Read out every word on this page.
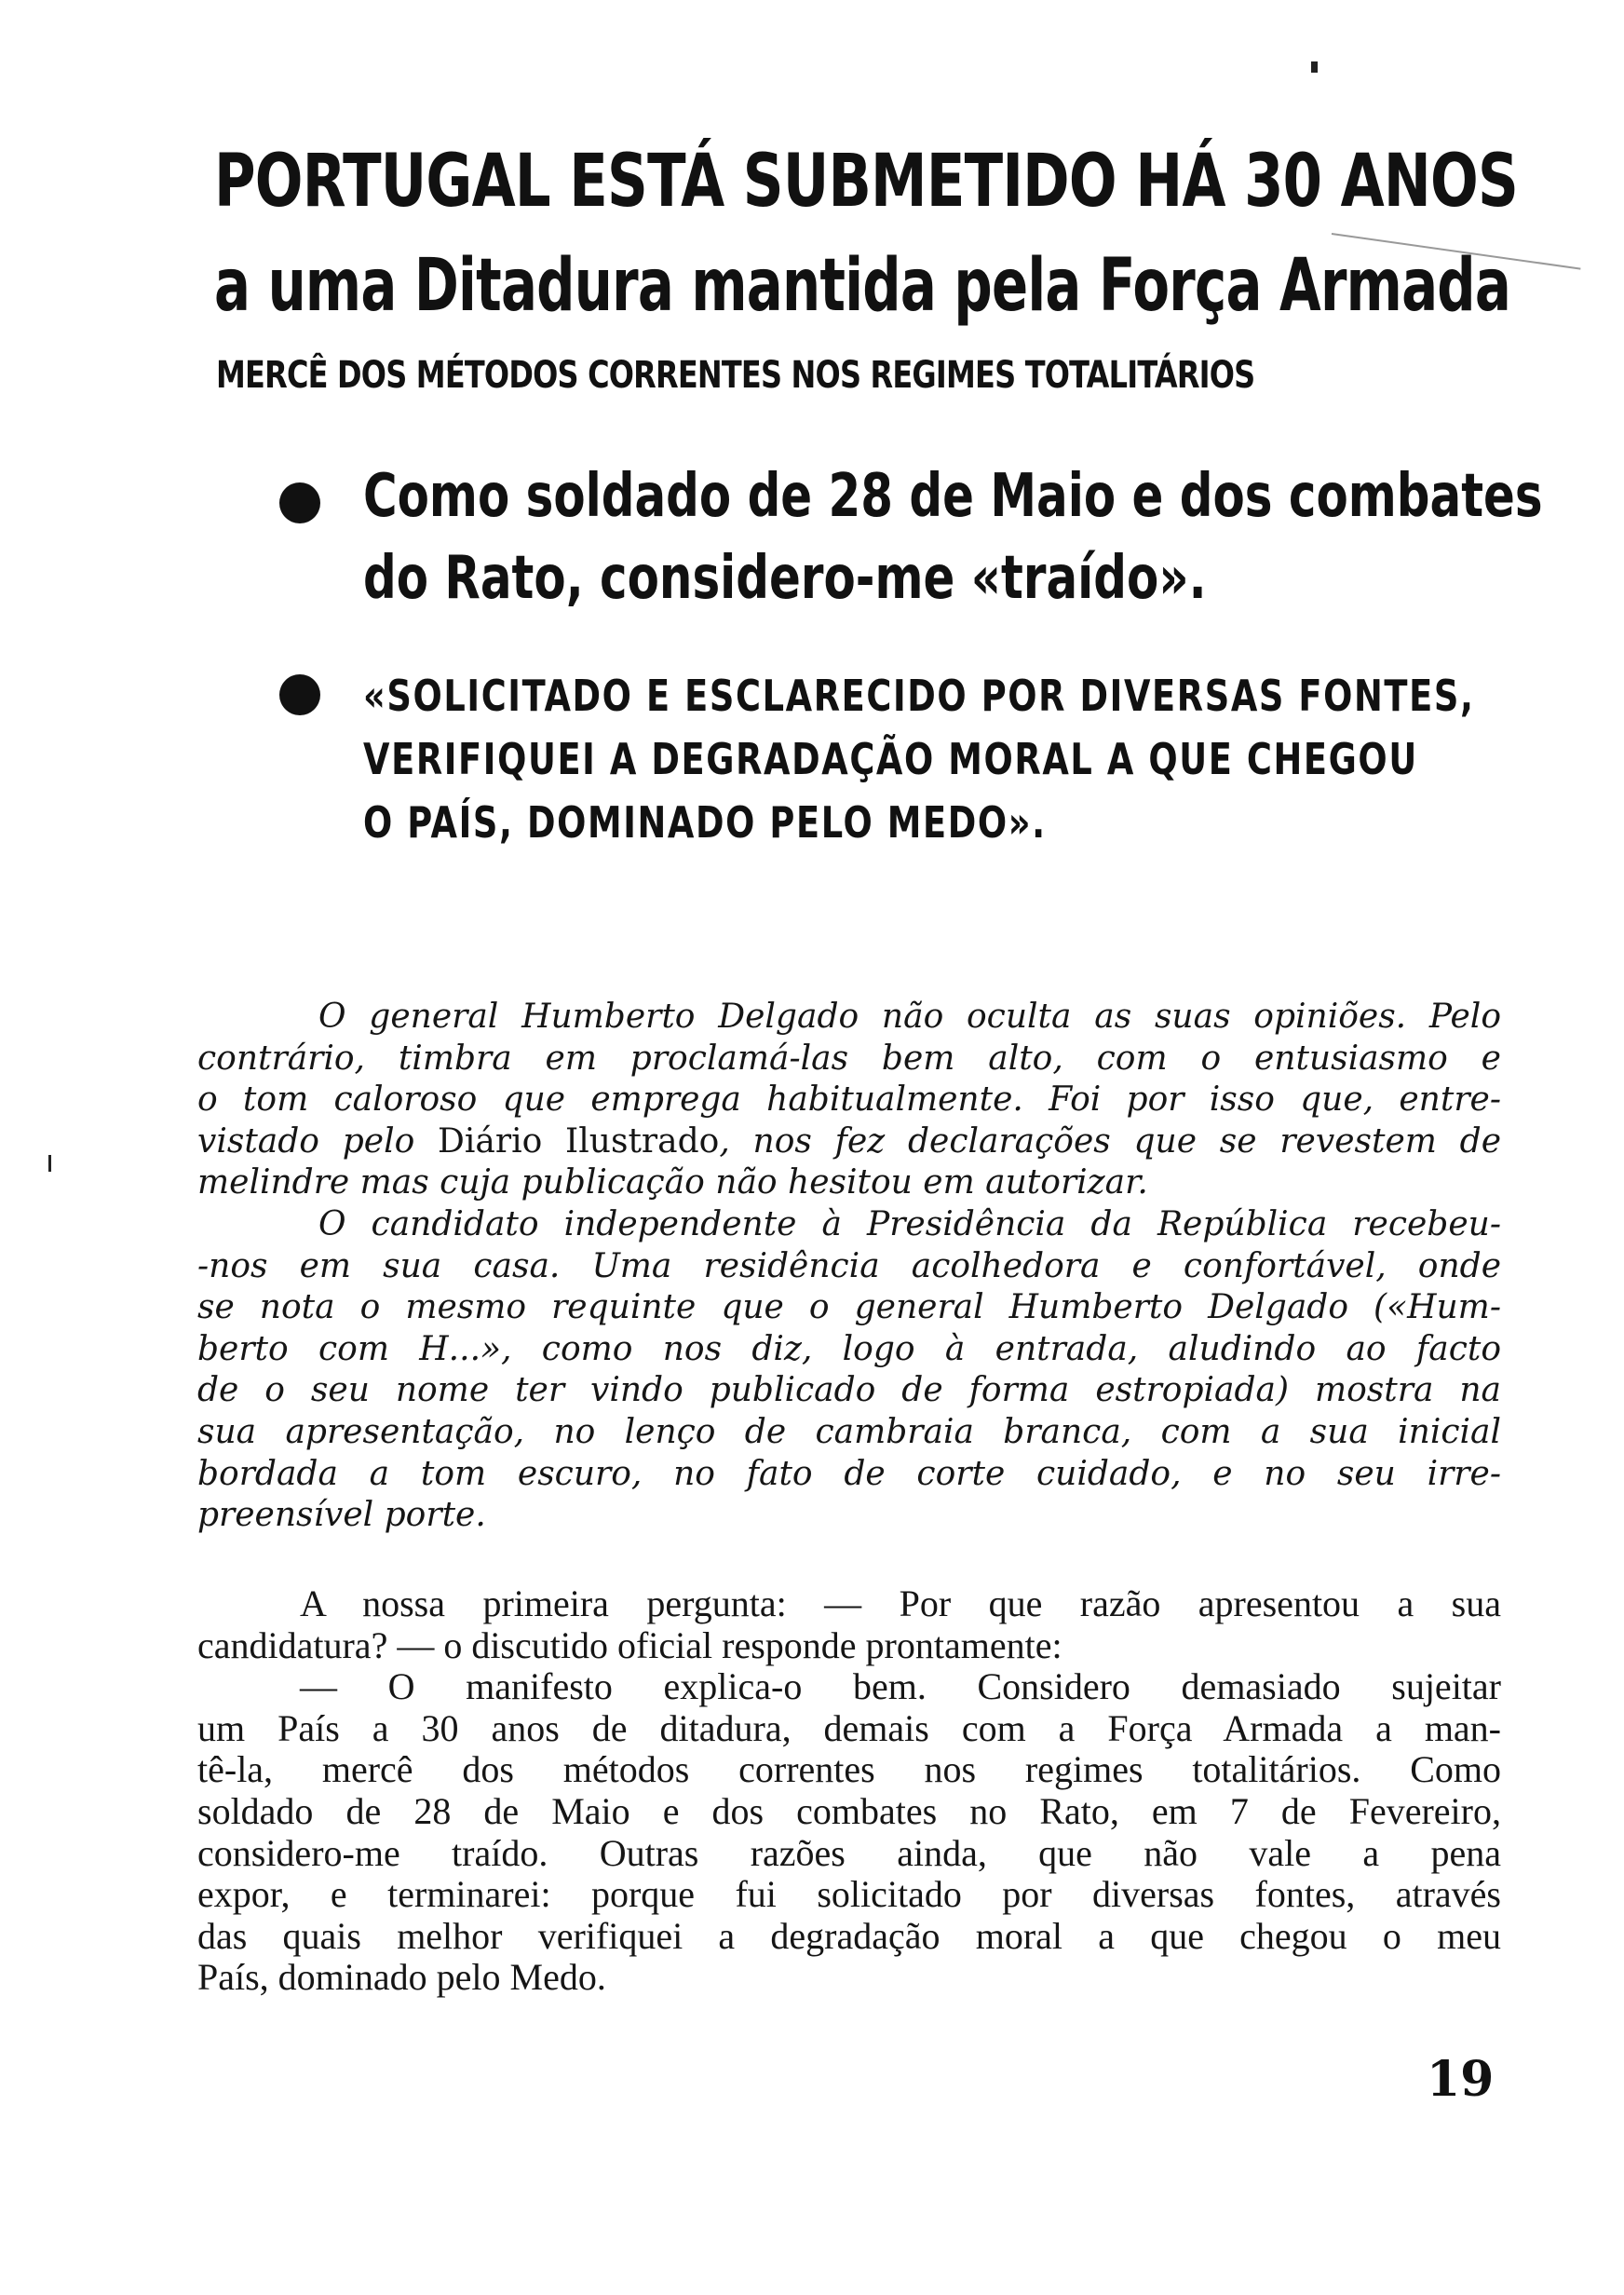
PORTUGAL ESTÁ SUBMETIDO HÁ 30 ANOS
a uma Ditadura mantida pela Força Armada
MERCÊ DOS MÉTODOS CORRENTES NOS REGIMES TOTALITÁRIOS
Como soldado de 28 de Maio e dos combates
do Rato, considero-me «traído».
«SOLICITADO E ESCLARECIDO POR DIVERSAS FONTES,
VERIFIQUEI A DEGRADAÇÃO MORAL A QUE CHEGOU
O PAÍS, DOMINADO PELO MEDO».
O general Humberto Delgado não oculta as suas opiniões. Pelo
contrário, timbra em proclamá-las bem alto, com o entusiasmo e
o tom caloroso que emprega habitualmente. Foi por isso que, entre-
vistado pelo Diário Ilustrado, nos fez declarações que se revestem de
melindre mas cuja publicação não hesitou em autorizar.
O candidato independente à Presidência da República recebeu-
-nos em sua casa. Uma residência acolhedora e confortável, onde
se nota o mesmo requinte que o general Humberto Delgado («Hum-
berto com H...», como nos diz, logo à entrada, aludindo ao facto
de o seu nome ter vindo publicado de forma estropiada) mostra na
sua apresentação, no lenço de cambraia branca, com a sua inicial
bordada a tom escuro, no fato de corte cuidado, e no seu irre-
preensível porte.
A nossa primeira pergunta: — Por que razão apresentou a sua
candidatura? — o discutido oficial responde prontamente:
— O manifesto explica-o bem. Considero demasiado sujeitar
um País a 30 anos de ditadura, demais com a Força Armada a man-
tê-la, mercê dos métodos correntes nos regimes totalitários. Como
soldado de 28 de Maio e dos combates no Rato, em 7 de Fevereiro,
considero-me traído. Outras razões ainda, que não vale a pena
expor, e terminarei: porque fui solicitado por diversas fontes, através
das quais melhor verifiquei a degradação moral a que chegou o meu
País, dominado pelo Medo.
19
